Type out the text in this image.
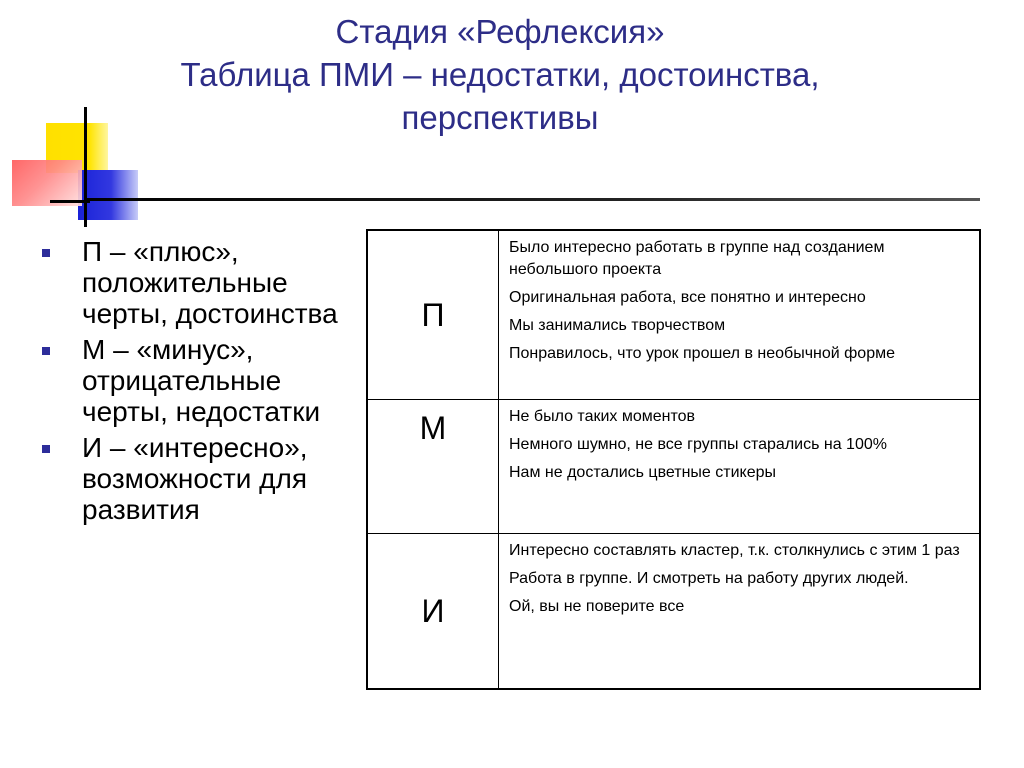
Стадия «Рефлексия»
Таблица ПМИ – недостатки, достоинства,
перспективы
П – «плюс», положительные черты, достоинства
М – «минус», отрицательные черты, недостатки
И – «интересно», возможности для развития
П	Было интересно работать в группе над созданием небольшого проекта

Оригинальная работа, все понятно и интересно

Мы занимались творчеством

Понравилось, что урок прошел в необычной форме

М	Не было таких моментов

Немного шумно, не все группы старались на 100%

Нам не достались цветные стикеры

И	Интересно составлять кластер, т.к. столкнулись с этим 1 раз

Работа в группе. И смотреть на работу других людей.

Ой, вы не поверите все
